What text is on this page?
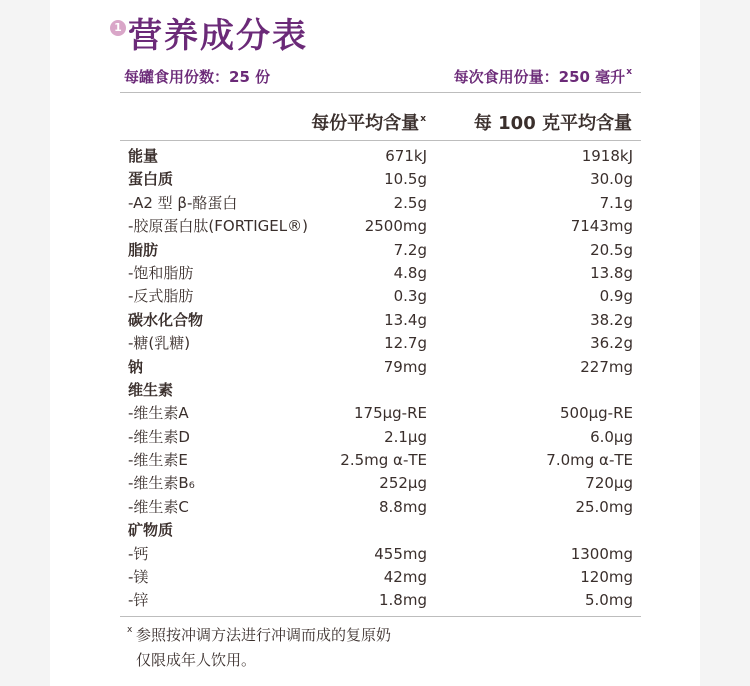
1 营养成分表
每罐食用份数：25 份	每次食用份量：250 毫升$^x$
每份平均含量$^x$	每 100 克平均含量
能量	671kJ	1918kJ
蛋白质	10.5g	30.0g
-A2 型 β-酪蛋白	2.5g	7.1g
-胶原蛋白肽(FORTIGEL®)	2500mg	7143mg
脂肪	7.2g	20.5g
-饱和脂肪	4.8g	13.8g
-反式脂肪	0.3g	0.9g
碳水化合物	13.4g	38.2g
-糖(乳糖)	12.7g	36.2g
钠	79mg	227mg
维生素
-维生素A	175μg-RE	500μg-RE
-维生素D	2.1μg	6.0μg
-维生素E	2.5mg α-TE	7.0mg α-TE
-维生素B₆	252μg	720μg
-维生素C	8.8mg	25.0mg
矿物质
-钙	455mg	1300mg
-镁	42mg	120mg
-锌	1.8mg	5.0mg
x 参照按冲调方法进行冲调而成的复原奶
仅限成年人饮用。
